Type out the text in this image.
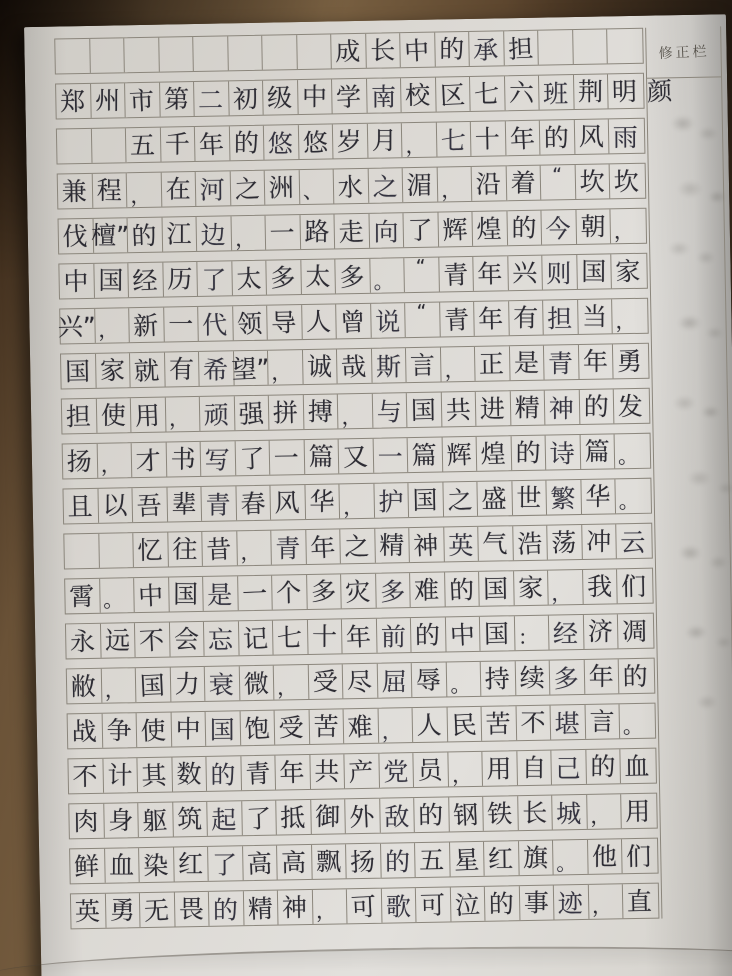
成 长 中 的 承 担
郑 州 市 第 二 初 级 中 学 南 校 区 七 六 班 荆 明 颜
五 千 年 的 悠 悠 岁 月 ， 七 十 年 的 风 雨
兼 程 ， 在 河 之 洲 、 水 之 湄 ， 沿 着 “ 坎 坎
伐 檀” 的 江 边 ， 一 路 走 向 了 辉 煌 的 今 朝 ，
中 国 经 历 了 太 多 太 多 。
“ 青 年 兴 则 国 家
兴” ， 新 一 代 领 导 人 曾 说 “ 青 年 有 担 当 ，
国 家 就 有 希 望” ， 诚 哉 斯 言 ， 正 是 青 年 勇
担 使 用 ， 顽 强 拼 搏 ， 与 国 共 进 精 神 的 发
扬 ， 才 书 写 了 一 篇 又 一 篇 辉 煌 的 诗 篇 。
且 以 吾 辈 青 春 风 华 ， 护 国 之 盛 世 繁 华 。
忆 往 昔 ， 青 年 之 精 神 英 气 浩 荡 冲 云
霄 。 中 国 是 一 个 多 灾 多 难 的 国 家 ， 我 们
永 远 不 会 忘 记 七 十 年 前 的 中 国 ： 经 济 凋
敝 ， 国 力 衰 微 ， 受 尽 屈 辱 。 持 续 多 年 的
战 争 使 中 国 饱 受 苦 难 ， 人 民 苦 不 堪 言 。
不 计 其 数 的 青 年 共 产 党 员 ， 用 自 己 的 血
肉 身 躯 筑 起 了 抵 御 外 敌 的 钢 铁 长 城 ， 用
鲜 血 染 红 了 高 高 飘 扬 的 五 星 红 旗 。 他 们
英 勇 无 畏 的 精 神 ， 可 歌 可 泣 的 事 迹 ， 直
修正栏
